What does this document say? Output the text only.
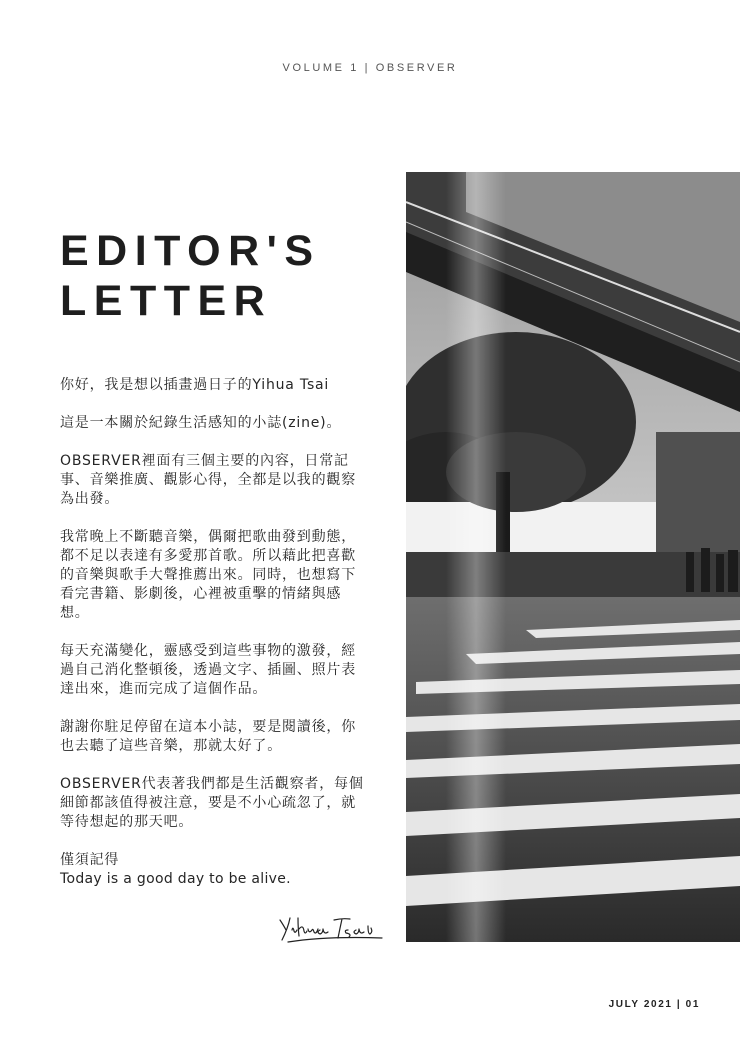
VOLUME 1 | OBSERVER
EDITOR'S
LETTER

你好，我是想以插畫過日子的Yihua Tsai

這是一本關於紀錄生活感知的小誌(zine)。

OBSERVER裡面有三個主要的內容，日常記事、音樂推廣、觀影心得，全都是以我的觀察為出發。

我常晚上不斷聽音樂，偶爾把歌曲發到動態，都不足以表達有多愛那首歌。所以藉此把喜歡的音樂與歌手大聲推薦出來。同時，也想寫下看完書籍、影劇後，心裡被重擊的情緒與感想。

每天充滿變化，靈感受到這些事物的激發，經過自己消化整頓後，透過文字、插圖、照片表達出來，進而完成了這個作品。

謝謝你駐足停留在這本小誌，要是閱讀後，你也去聽了這些音樂，那就太好了。

OBSERVER代表著我們都是生活觀察者，每個細節都該值得被注意，要是不小心疏忽了，就等待想起的那天吧。

僅須記得
Today is a good day to be alive.

JULY 2021 | 01
